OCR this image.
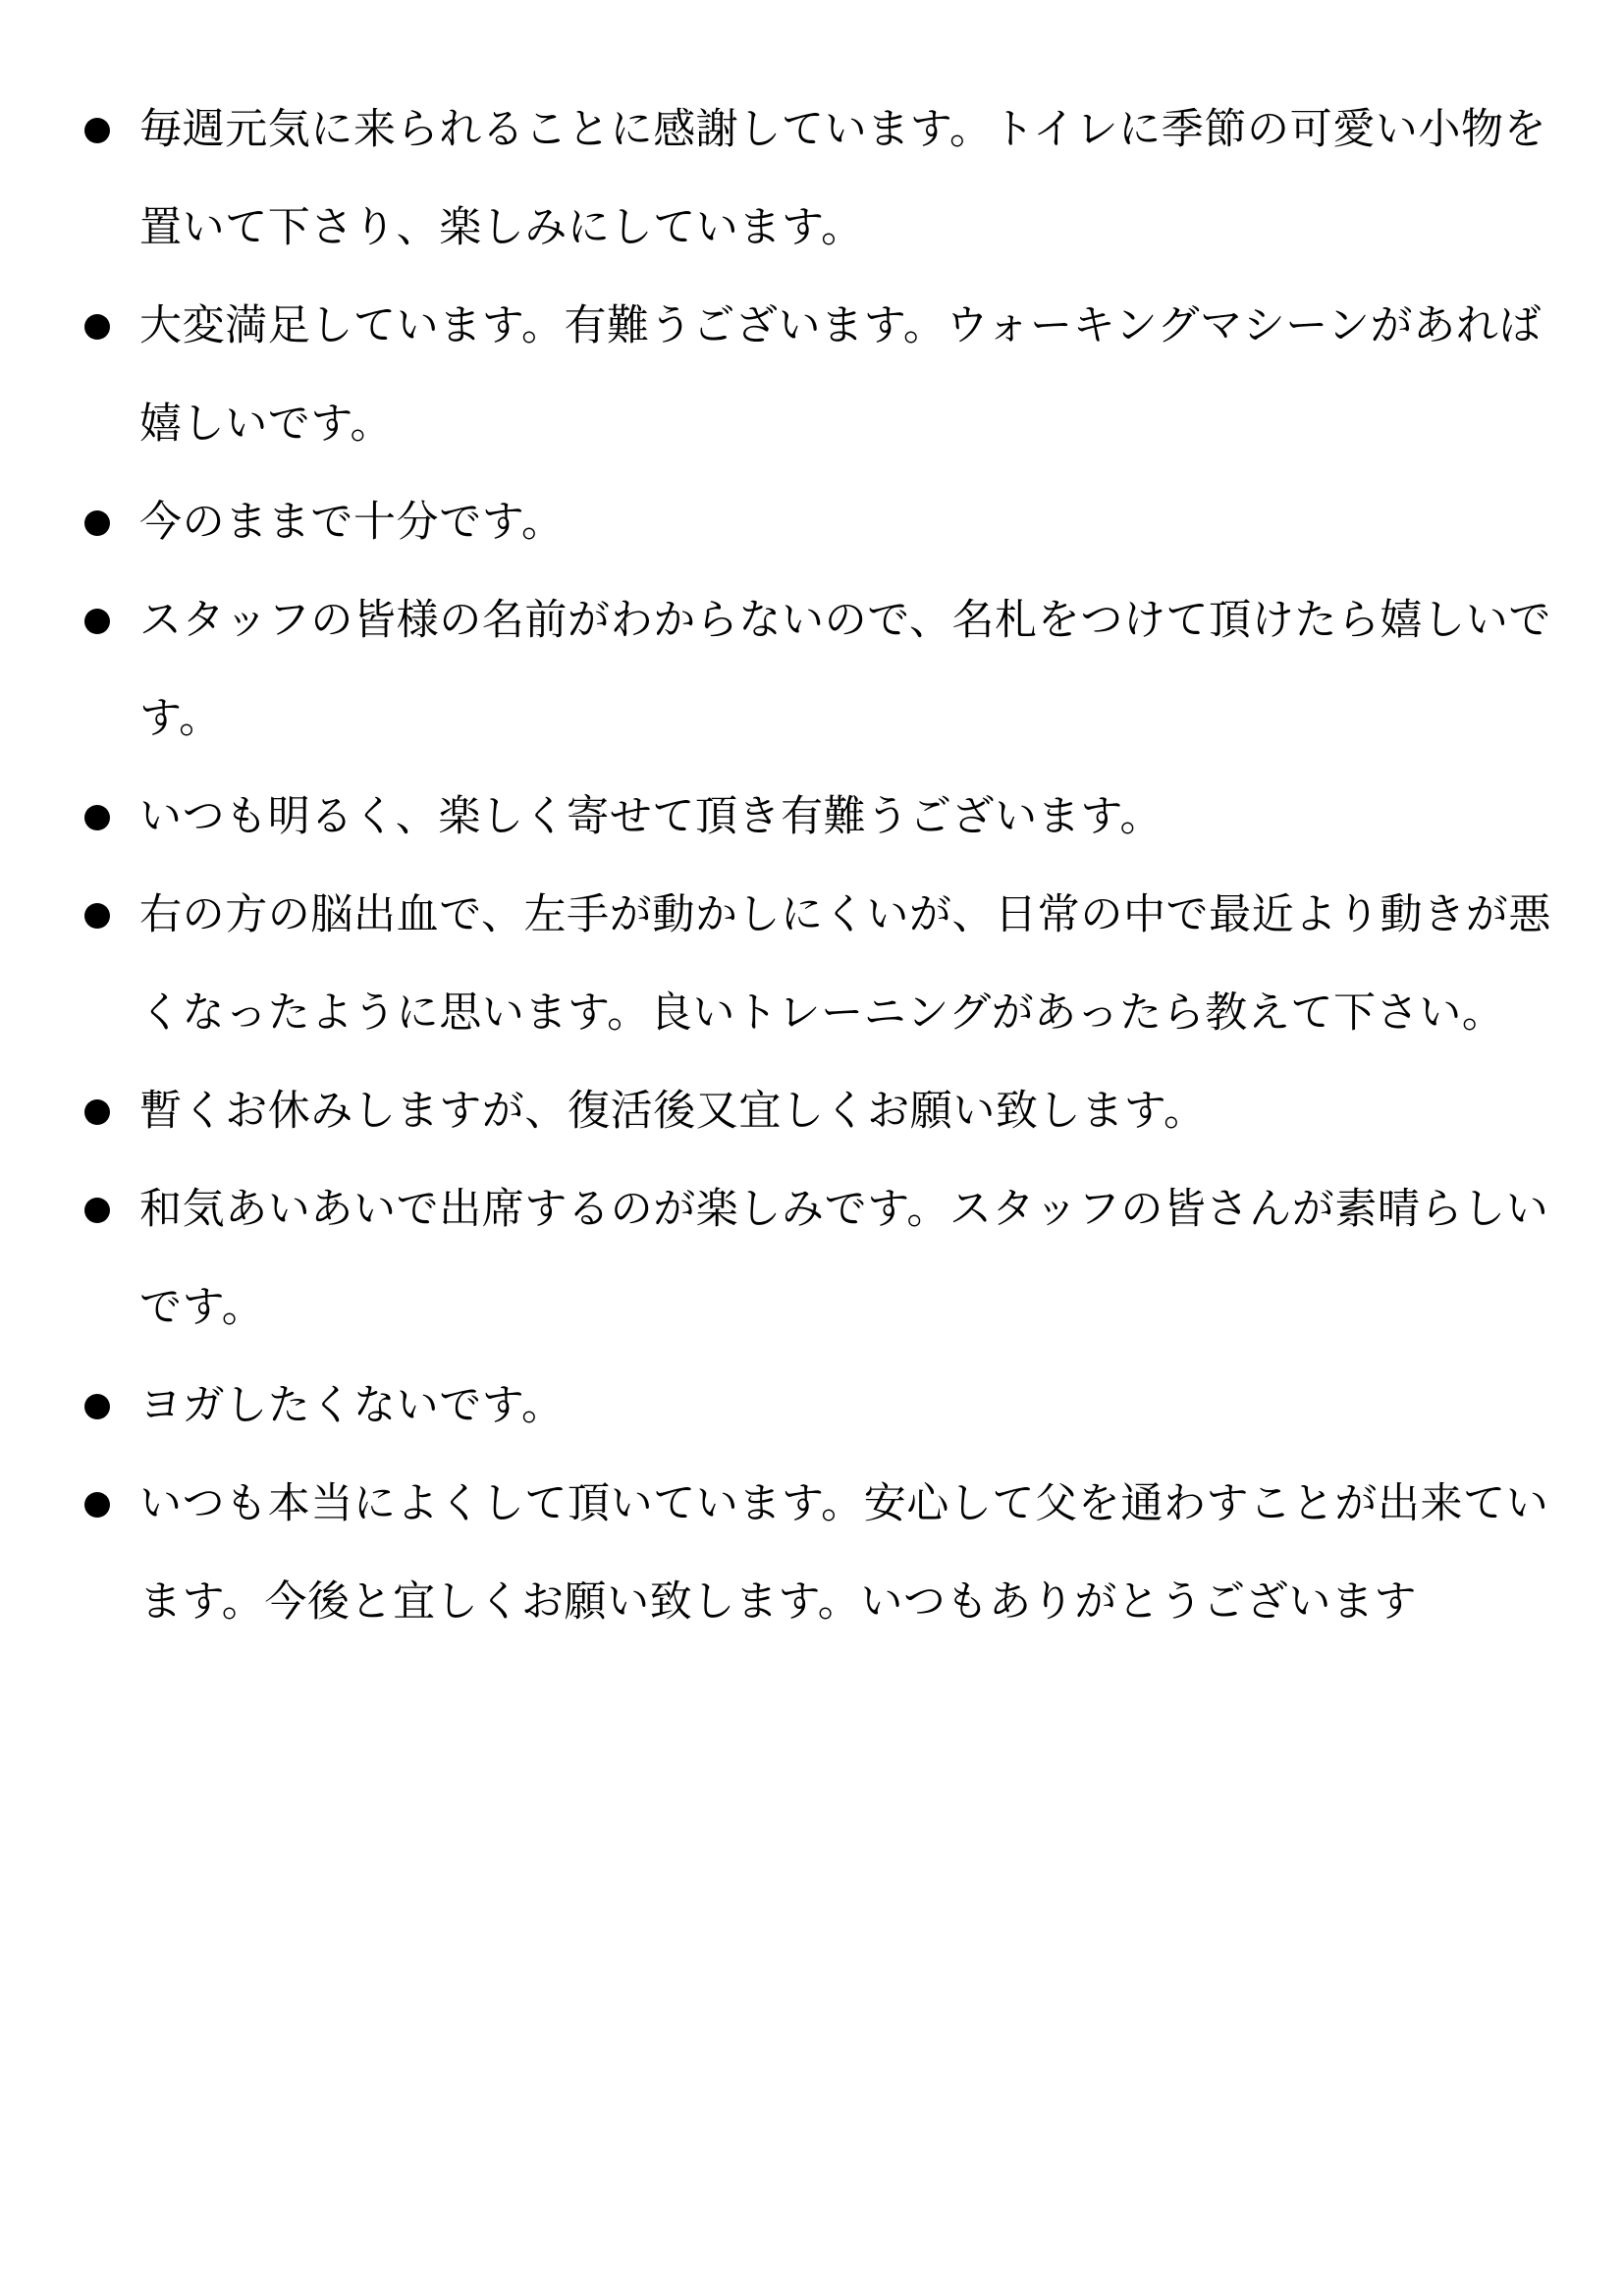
毎週元気に来られることに感謝しています。トイレに季節の可愛い小物を置いて下さり、楽しみにしています。
大変満足しています。有難うございます。ウォーキングマシーンがあれば嬉しいです。
今のままで十分です。
スタッフの皆様の名前がわからないので、名札をつけて頂けたら嬉しいです。
いつも明るく、楽しく寄せて頂き有難うございます。
右の方の脳出血で、左手が動かしにくいが、日常の中で最近より動きが悪くなったように思います。良いトレーニングがあったら教えて下さい。
暫くお休みしますが、復活後又宜しくお願い致します。
和気あいあいで出席するのが楽しみです。スタッフの皆さんが素晴らしいです。
ヨガしたくないです。
いつも本当によくして頂いています。安心して父を通わすことが出来ています。今後と宜しくお願い致します。いつもありがとうございます
